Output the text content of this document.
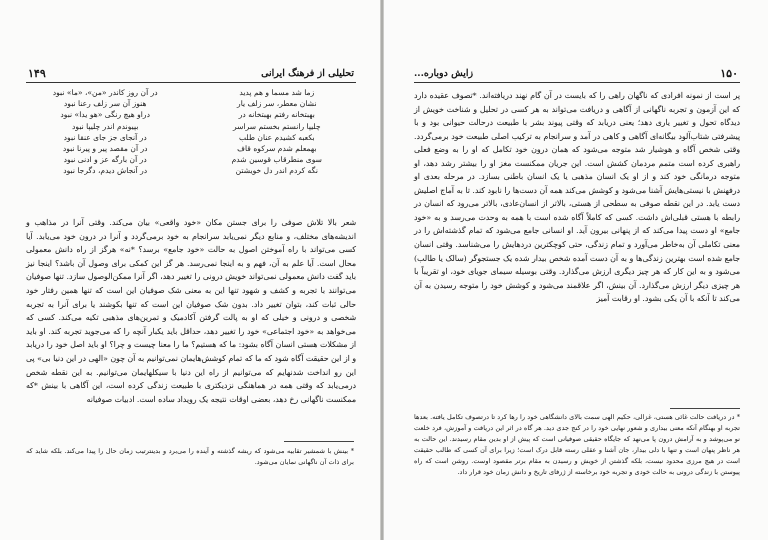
۱۴۹	تحلیلی از فرهنگ ایرانی
زما شد مسما و هم پدید
در آن روز کاندر «من»، «ما» نبود
نشان معطر، سر زلف یار
هنوز آن سر زلف رعنا نبود
بهبتخانه رفتم بهبتخانه در
دراو هیچ رنگی‌ «هو یدا» نبود
چلیپا رانستم بخستم سراسر
بپیوندم اندر چلیپا نبود
بکعبه کشیدم عنان طلب
در آنجای جز جای عنقا نبود
بهمعلم شدم سرکوه قاف
در آن مقصد پیر و پیرنا نبود
سوی منطرقاب قوسین شدم
در آن بارگه عز و ادنی نبود
نگه کردم اندر دل خویشتن
در آنجاش دیدم، دگرجا نبود

شعر بالا تلاش صوفی را برای جستن مکان «خود واقعی» بیان می‌کند. وقتی آنرا در مذاهب و اندیشه‌های مختلف، و منابع دیگر نمی‌یابد سرانجام به خود برمی‌گردد و آنرا در درون خود می‌یابد. آیا کسی می‌تواند با راه آموختن اصول به حالت «خود جامع» برسد؟ *نه» هرگز از راه دانش معمولی محال است. آیا علم به آن، فهم و به اینجا نمی‌رسد. هر گز این کمکی برای وصول آن باشد؟ اینجا نیز باید گفت دانش معمولی نمی‌تواند خویش درونی را تغییر دهد، اگر آنرا ممکن‌الوصول سازد. تنها صوفیان می‌توانند با تجربه و کشف و شهود تنها این به معنی شک صوفیان این است که تنها همین رفتار خود حالی ثبات کند، بتوان تغییر داد. بدون شک صوفیان این است که تنها بکوشند یا برای آنرا به تجربه شخصی و درونی و خیلی که او به پالت گرفتن آکادمیک و تمرین‌های مذهبی تکیه می‌کند. کسی که می‌خواهد به «خود اجتماعی» خود را تغییر دهد، حداقل باید یکبار آنچه را که می‌جوید تجربه کند. او باید از مشکلات هستی انسان آگاه بشود: ما که هستیم؟ ما را معنا چیست و چرا؟ او باید اصل خود را دریابد و از این حقیقت آگاه شود که ما که تمام کوشش‌هایمان نمی‌توانیم به آن چون «الهی در این دنیا بی» پی این رو انداخت شدنهایم که می‌توانیم از راه این دنیا با سیکلهایمان می‌توانیم. به این نقطه شخص درمی‌یابد که وقتی همه در هماهنگی نزدیکتری با طبیعت زندگی کرده است، این آگاهی با بینش *که ممکنست ناگهانی رخ دهد، بعضی اوقات نتیجه یک رویداد ساده است. ادبیات صوفیانه

* بینش با شمشیر تقابیه می‌شود که ریشه گذشته و آینده را می‌برد و بدینترتیب زمان حال را پیدا می‌کند. بلکه شاید که برای ذات آن ناگهانی نمایان می‌شود.
۱۵۰
زایش دوباره...

پر است از نمونه افرادی که ناگهان راهی را که بایست در آن گام نهند دریافته‌اند. *تصوف عقیده دارد که این آزمون و تجربه ناگهانی از آگاهی و دریافت می‌تواند به هر کسی در تحلیل و شناخت خویش از دیدگاه تحول و تغییر یاری دهد؛ یعنی دریابد که وقتی پیوند بشر با طبیعت درحالت حیوانی بود و با پیشرفتی شتاب‌آلود بیگانه‌ای آگاهی و کاهی در آمد و سرانجام به ترکیب اصلی طبیعت خود برمی‌گردد. وقتی شخص آگاه و هوشیار شد متوجه می‌شود که همان درون خود تکامل که او را به وضع فعلی راهبری کرده است متمم مردمان کشش است. این جریان ممکنست مغز او را بیشتر رشد دهد، او متوجه درمانگی خود کند و از او یک انسان مذهبی یا یک انسان باطنی بسازد. در مرحله بعدی او درفهنش با نیستی‌هایش آشنا می‌شود و کوشش می‌کند همه آن دست‌ها را نابود کند. تا به آماج اصلیش دست یابد. در این نقطه صوفی به سطحی از هستی، بالاتر از انسان‌عادی، بالاتر می‌رود که انسان در رابطه با هستی قبلی‌اش داشت. کسی که کاملاً آگاه شده است با همه به وحدت می‌رسد و به «خود جامع» او دست پیدا می‌کند که از پنهانی بیرون آید. او انسانی جامع می‌شود که تمام گذشته‌اش را در معنی تکاملی آن به‌خاطر می‌آورد و تمام زندگی، حتی کوچکترین دردهایش را می‌شناسد. وقتی انسان جامع شده است بهترین زندگی‌ها و به آن دست آمده شخص بیدار شده یک جستجوگر (سالک یا طالب) می‌شود و به این کار که هر چیز دیگری ارزش می‌گذارد. وقتی بوسیله سیمای جویای خود، او تقریباً با هر چیزی دیگر ارزش می‌گذارد. آن بینش، اگر علاقمند می‌شود و کوشش خود را متوجه رسیدن به آن می‌کند تا آنکه با آن یکی بشود. او رقابت آمیز

* در دریافت حالت غائی هستی، غزالی، حکیم الهی سمت بالای دانشگاهی خود را رها کرد تا درتصوف تکامل یافته. بعدها تجربه او بهنگام آنکه معنی بیداری و شعور نهایی خود را در کنج جدی دید. هر گاه در اثر این دریافت و آموزش، فرد خلعت نو می‌پوشد و به آرامش درون پا می‌نهد که جایگاه حقیقی صوفیانی است که پیش از او بدین مقام رسیدند. این حالت به هر ناظر پنهان است و تنها با دلی بیدار، جان آشنا و عقلی رسته قابل درک است؛ زیرا برای آن کسی که طالب حقیقت است در هیچ مرزی محدود نیست، بلکه گذشتن از خویش و رسیدن به مقام برتر مقصود اوست. روشن است که راه پیوستن با زندگی درونی به حالت خودی و تجربه خود برخاسته از ژرفای تاریخ و دانش زمان خود قرار داد.
